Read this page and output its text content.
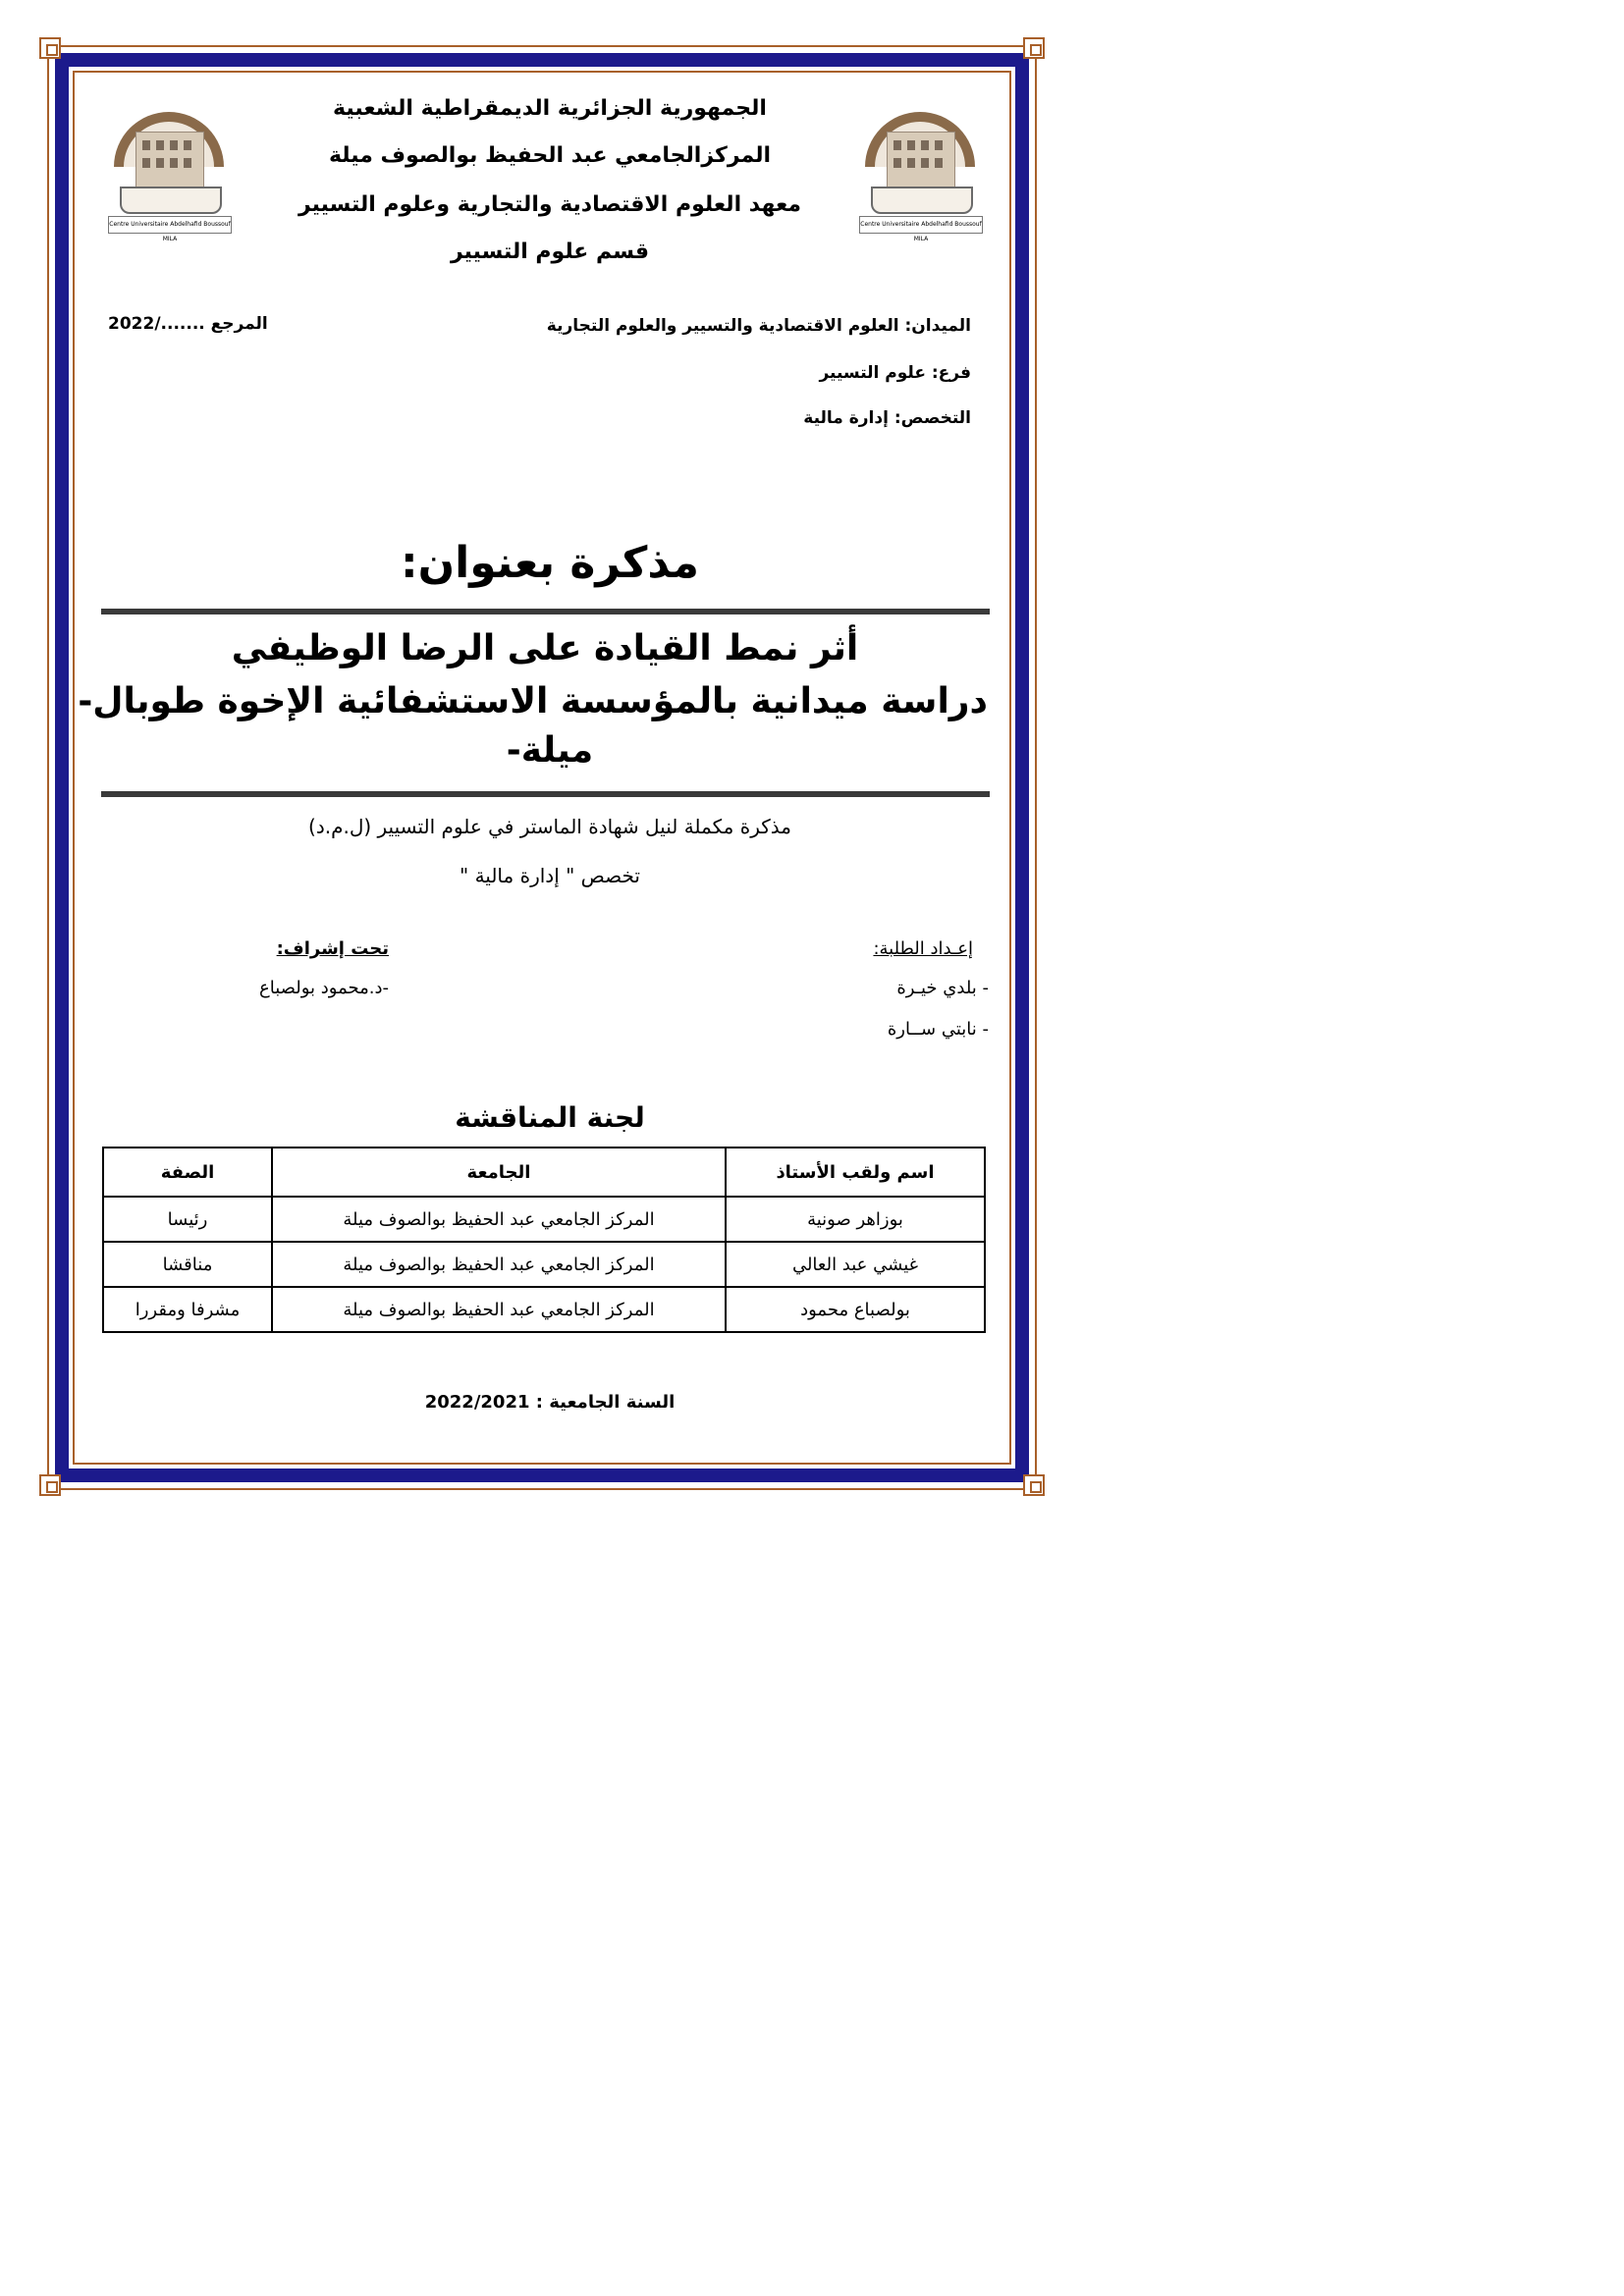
Centre Universitaire Abdelhafid Boussouf MILA
Centre Universitaire Abdelhafid Boussouf MILA
الجمهورية الجزائرية الديمقراطية الشعبية
المركزالجامعي عبد الحفيظ بوالصوف ميلة
معهد العلوم الاقتصادية والتجارية وعلوم التسيير
قسم علوم التسيير
الميدان: العلوم الاقتصادية والتسيير والعلوم التجارية
المرجع ......./2022
فرع: علوم التسيير
التخصص: إدارة مالية
مذكرة بعنوان:
أثر نمط القيادة على الرضا الوظيفي
دراسة ميدانية بالمؤسسة الاستشفائية الإخوة طوبال-
ميلة-
مذكرة مكملة لنيل شهادة الماستر في علوم التسيير (ل.م.د)
تخصص " إدارة مالية "
إعـداد الطلبة:
- بلدي خيـرة
- نابتي ســارة
تحت إشراف:
-د.محمود بولصباع
لجنة المناقشة
اسم ولقب الأستاذ	الجامعة	الصفة
بوزاهر صونية	المركز الجامعي عبد الحفيظ بوالصوف ميلة	رئيسا
غيشي عبد العالي	المركز الجامعي عبد الحفيظ بوالصوف ميلة	مناقشا
بولصباع محمود	المركز الجامعي عبد الحفيظ بوالصوف ميلة	مشرفا ومقررا
السنة الجامعية : 2022/2021
